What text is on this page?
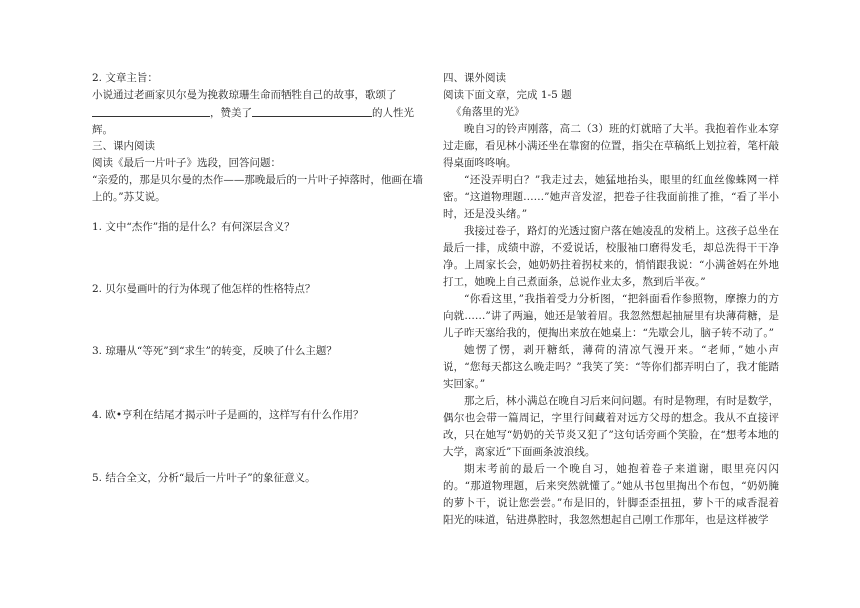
2. 文章主旨：

小说通过老画家贝尔曼为挽救琼珊生命而牺牲自己的故事，歌颂了，赞美了	的人性光辉。

三、课内阅读

阅读《最后一片叶子》选段，回答问题：

“亲爱的，那是贝尔曼的杰作——那晚最后的一片叶子掉落时，他画在墙上的。”苏艾说。

1. 文中“杰作”指的是什么？有何深层含义？

2. 贝尔曼画叶的行为体现了他怎样的性格特点？

3. 琼珊从“等死”到“求生”的转变，反映了什么主题？

4. 欧•亨利在结尾才揭示叶子是画的，这样写有什么作用？

5. 结合全文，分析“最后一片叶子”的象征意义。

四、课外阅读

阅读下面文章，完成 1-5 题

《角落里的光》

晚自习的铃声刚落，高二（3）班的灯就暗了大半。我抱着作业本穿过走廊，看见林小满还坐在靠窗的位置，指尖在草稿纸上划拉着，笔杆敲得桌面咚咚响。

“还没弄明白？”我走过去，她猛地抬头，眼里的红血丝像蛛网一样密。“这道物理题……”她声音发涩，把卷子往我面前推了推，“看了半小时，还是没头绪。”

我接过卷子，路灯的光透过窗户落在她凌乱的发梢上。这孩子总坐在最后一排，成绩中游，不爱说话，校服袖口磨得发毛，却总洗得干干净净。上周家长会，她奶奶拄着拐杖来的，悄悄跟我说：“小满爸妈在外地打工，她晚上自己煮面条，总说作业太多，熬到后半夜。”

“你看这里，”我指着受力分析图，“把斜面看作参照物，摩擦力的方向就……”讲了两遍，她还是皱着眉。我忽然想起抽屉里有块薄荷糖，是儿子昨天塞给我的，便掏出来放在她桌上：“先歇会儿，脑子转不动了。”

她愣了愣，剥开糖纸，薄荷的清凉气漫开来。“老师，”她小声说，“您每天都这么晚走吗？”我笑了笑：“等你们都弄明白了，我才能踏实回家。”

那之后，林小满总在晚自习后来问问题。有时是物理，有时是数学，偶尔也会带一篇周记，字里行间藏着对远方父母的想念。我从不直接评改，只在她写“奶奶的关节炎又犯了”这句话旁画个笑脸，在“想考本地的大学，离家近”下面画条波浪线。

期末考前的最后一个晚自习，她抱着卷子来道谢，眼里亮闪闪的。“那道物理题，后来突然就懂了。”她从书包里掏出个布包，“奶奶腌的萝卜干，说让您尝尝。”布是旧的，针脚歪歪扭扭，萝卜干的咸香混着阳光的味道，钻进鼻腔时，我忽然想起自己刚工作那年，也是这样被学
